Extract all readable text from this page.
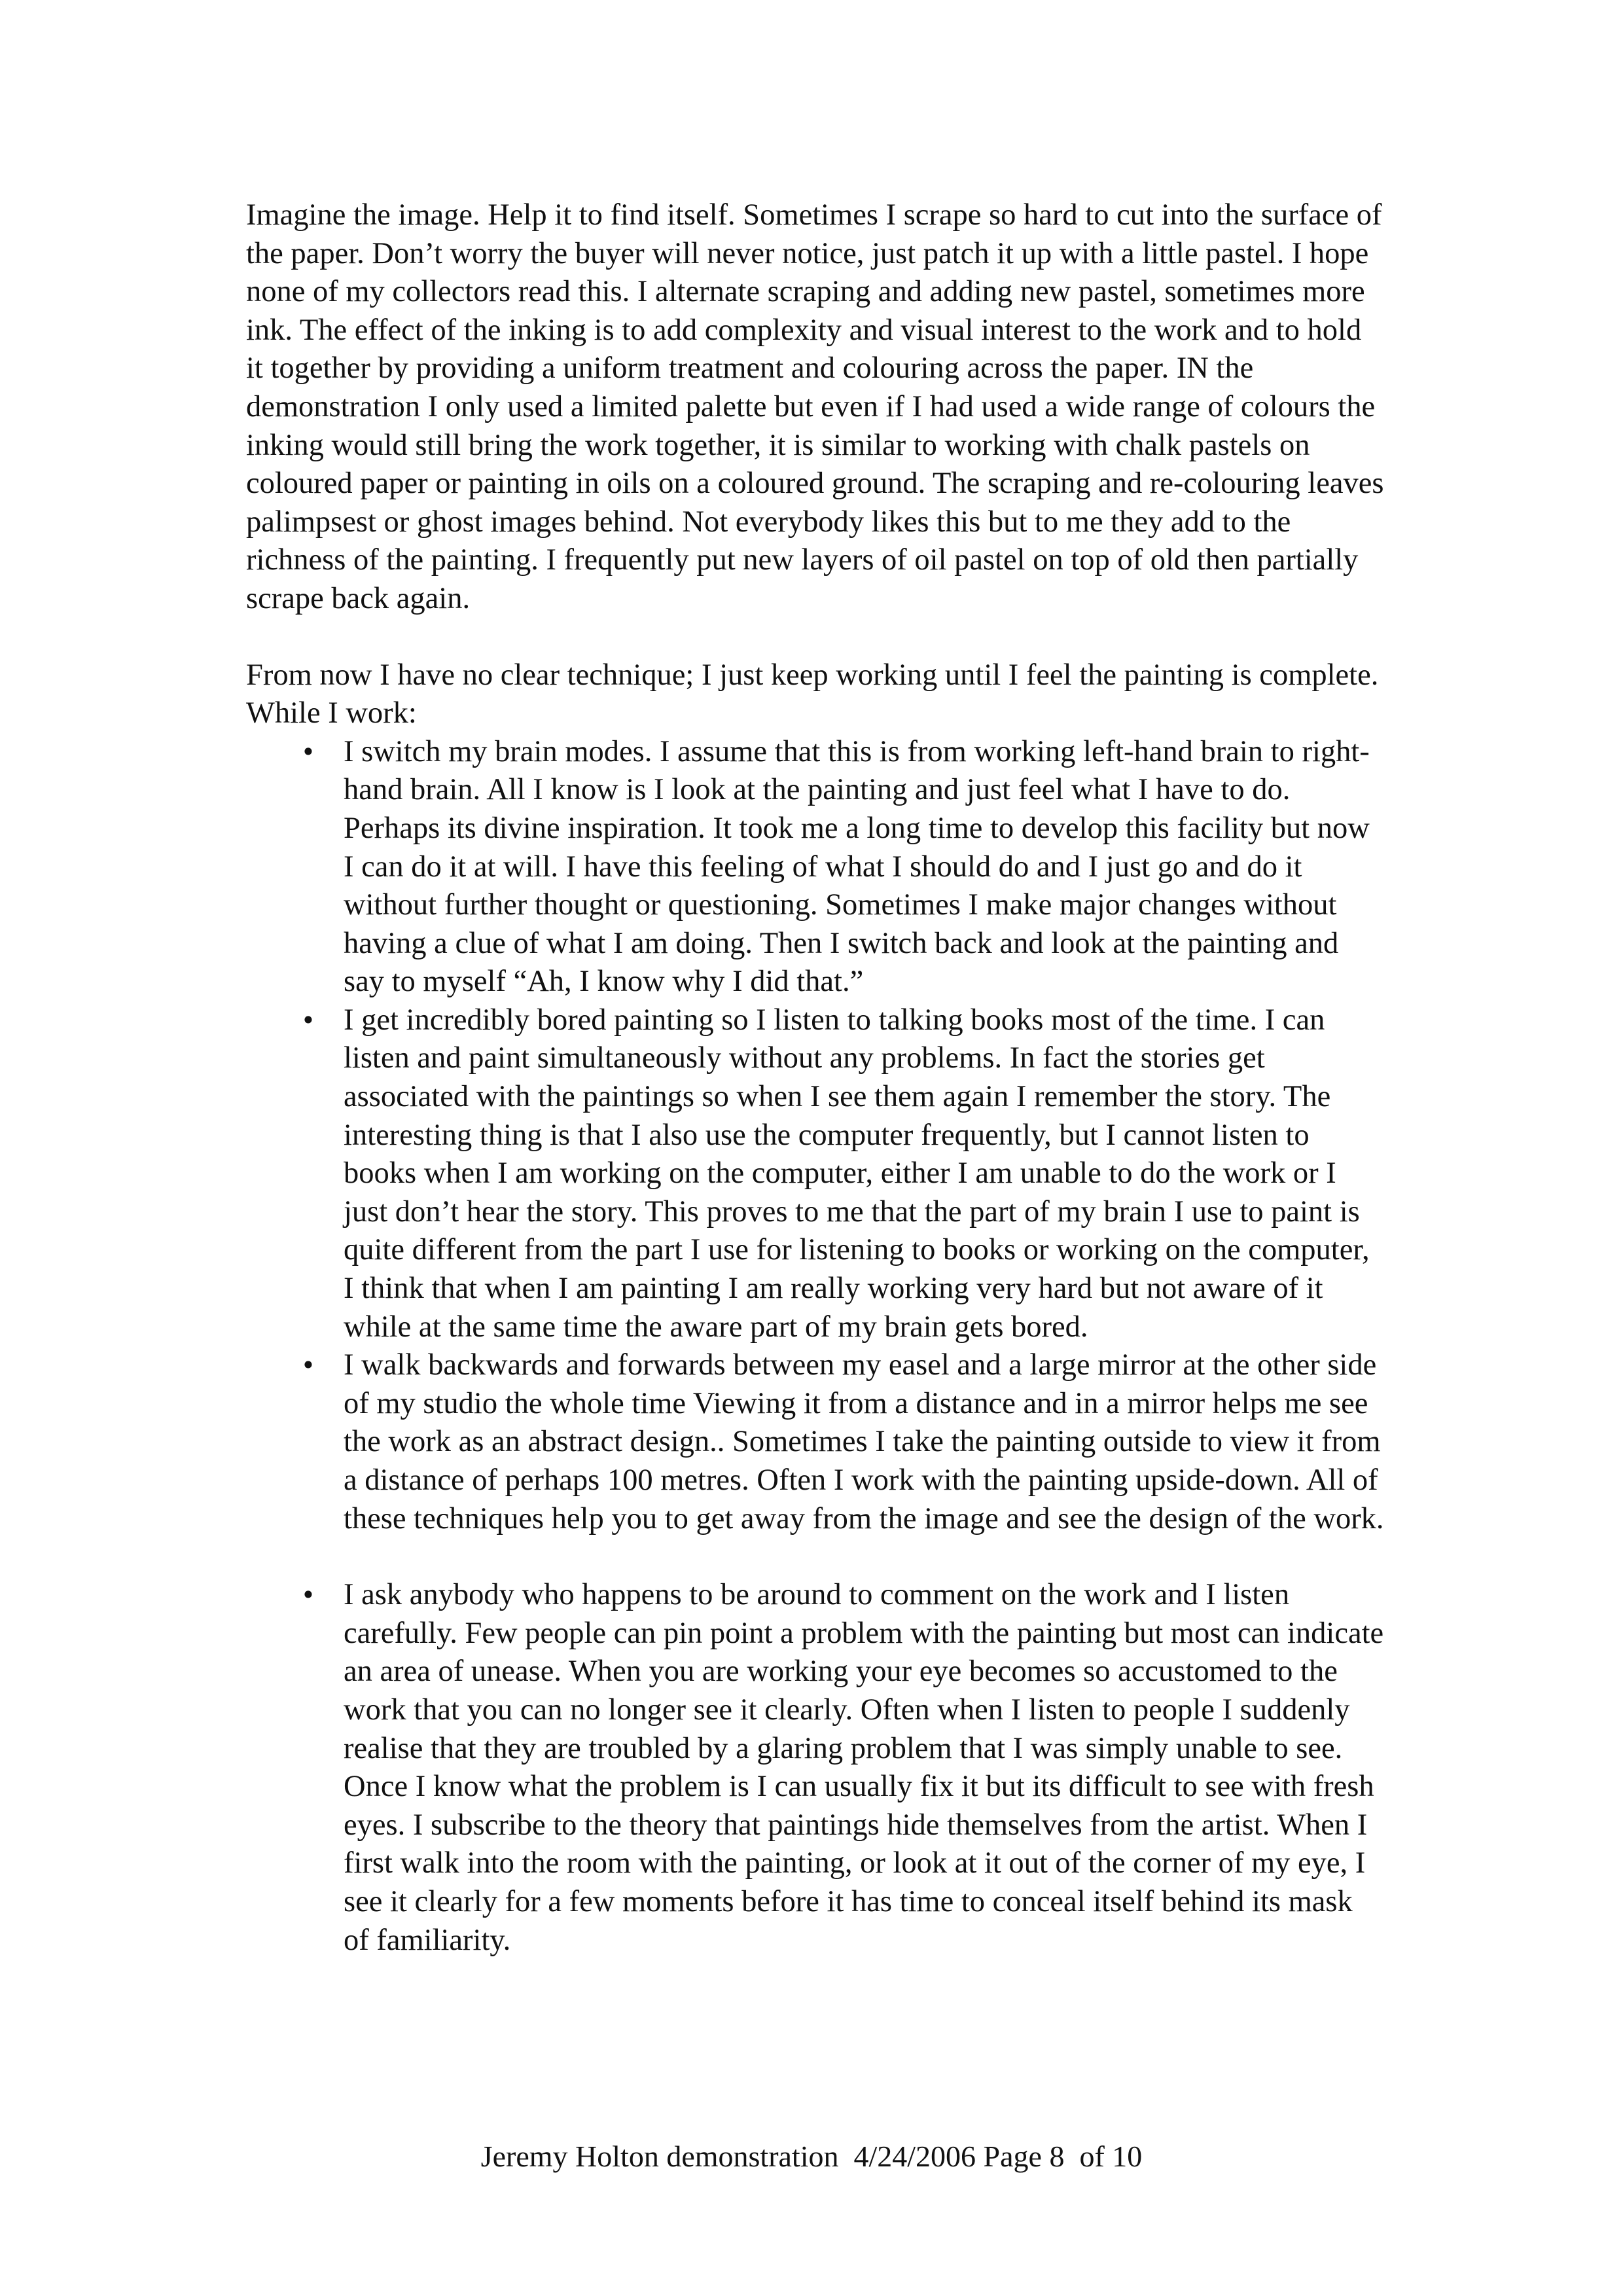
Imagine the image. Help it to find itself. Sometimes I scrape so hard to cut into the surface of the paper. Don’t worry the buyer will never notice, just patch it up with a little pastel. I hope none of my collectors read this. I alternate scraping and adding new pastel, sometimes more ink. The effect of the inking is to add complexity and visual interest to the work and to hold it together by providing a uniform treatment and colouring across the paper. IN the demonstration I only used a limited palette but even if I had used a wide range of colours the inking would still bring the work together, it is similar to working with chalk pastels on coloured paper or painting in oils on a coloured ground. The scraping and re-colouring leaves palimpsest or ghost images behind. Not everybody likes this but to me they add to the richness of the painting. I frequently put new layers of oil pastel on top of old then partially scrape back again.

From now I have no clear technique; I just keep working until I feel the painting is complete. While I work:

• I switch my brain modes. I assume that this is from working left-hand brain to right-hand brain. All I know is I look at the painting and just feel what I have to do. Perhaps its divine inspiration. It took me a long time to develop this facility but now I can do it at will. I have this feeling of what I should do and I just go and do it without further thought or questioning. Sometimes I make major changes without having a clue of what I am doing. Then I switch back and look at the painting and say to myself “Ah, I know why I did that.”
• I get incredibly bored painting so I listen to talking books most of the time. I can listen and paint simultaneously without any problems. In fact the stories get associated with the paintings so when I see them again I remember the story. The interesting thing is that I also use the computer frequently, but I cannot listen to books when I am working on the computer, either I am unable to do the work or I just don’t hear the story. This proves to me that the part of my brain I use to paint is quite different from the part I use for listening to books or working on the computer, I think that when I am painting I am really working very hard but not aware of it while at the same time the aware part of my brain gets bored.
• I walk backwards and forwards between my easel and a large mirror at the other side of my studio the whole time Viewing it from a distance and in a mirror helps me see the work as an abstract design.. Sometimes I take the painting outside to view it from a distance of perhaps 100 metres. Often I work with the painting upside-down. All of these techniques help you to get away from the image and see the design of the work.
• I ask anybody who happens to be around to comment on the work and I listen carefully. Few people can pin point a problem with the painting but most can indicate an area of unease. When you are working your eye becomes so accustomed to the work that you can no longer see it clearly. Often when I listen to people I suddenly realise that they are troubled by a glaring problem that I was simply unable to see. Once I know what the problem is I can usually fix it but its difficult to see with fresh eyes. I subscribe to the theory that paintings hide themselves from the artist. When I first walk into the room with the painting, or look at it out of the corner of my eye, I see it clearly for a few moments before it has time to conceal itself behind its mask of familiarity.
Jeremy Holton demonstration  4/24/2006 Page 8  of 10
